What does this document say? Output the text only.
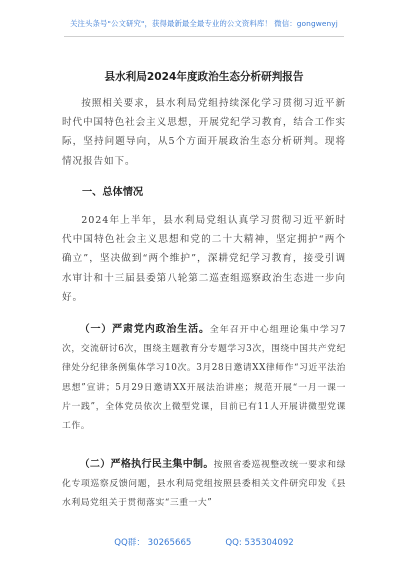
关注头条号"公文研究"，获得最新最全最专业的公文资料库！ 微信：gongwenyj
县水利局2024年度政治生态分析研判报告
按照相关要求，县水利局党组持续深化学习贯彻习近平新时代中国特色社会主义思想，开展党纪学习教育，结合工作实际，坚持问题导向，从5个方面开展政治生态分析研判。现将情况报告如下。
一、总体情况
2024年上半年，县水利局党组认真学习贯彻习近平新时代中国特色社会主义思想和党的二十大精神，坚定拥护“两个确立”，坚决做到“两个维护”，深耕党纪学习教育，接受引调水审计和十三届县委第八轮第二巡查组巡察政治生态进一步向好。
（一）严肃党内政治生活。全年召开中心组理论集中学习7次，交流研讨6次，围绕主题教育分专题学习3次，围绕中国共产党纪律处分纪律条例集体学习10次。3月28日邀请XX律师作“习近平法治思想”宣讲；5月29日邀请XX开展法治讲座；规范开展“一月一课一片一践”，全体党员依次上微型党课，目前已有11人开展讲微型党课工作。
（二）严格执行民主集中制。按照省委巡视整改统一要求和绿化专项巡察反馈问题，县水利局党组按照县委相关文件研究印发《县水利局党组关于贯彻落实“三重一大”
QQ群： 30265665	QQ: 535304092
